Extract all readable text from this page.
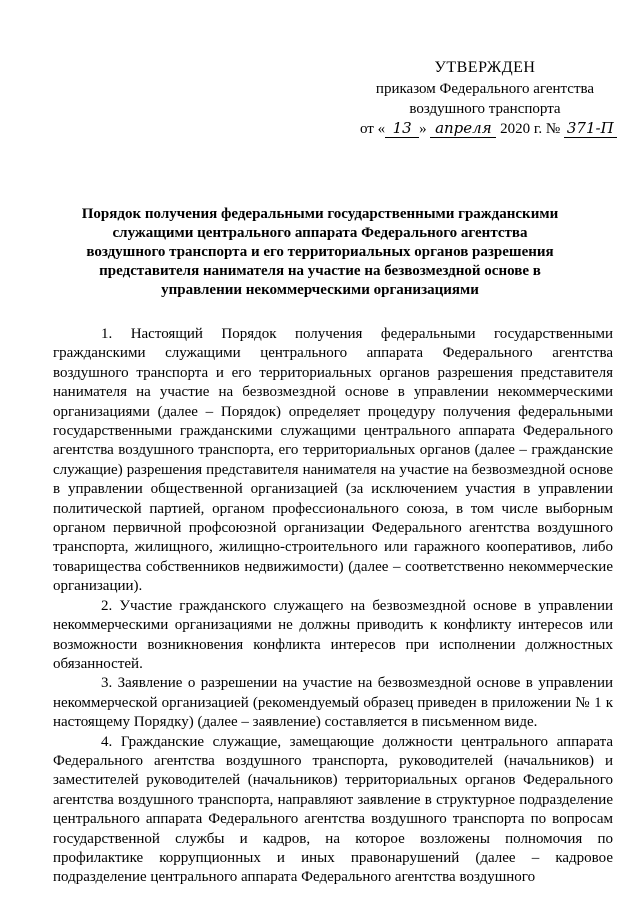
УТВЕРЖДЕН
приказом Федерального агентства
воздушного транспорта
от « 13 » апреля 2020 г. № 371-П
Порядок получения федеральными государственными гражданскими служащими центрального аппарата Федерального агентства воздушного транспорта и его территориальных органов разрешения представителя нанимателя на участие на безвозмездной основе в управлении некоммерческими организациями

1. Настоящий Порядок получения федеральными государственными гражданскими служащими центрального аппарата Федерального агентства воздушного транспорта и его территориальных органов разрешения представителя нанимателя на участие на безвозмездной основе в управлении некоммерческими организациями (далее – Порядок) определяет процедуру получения федеральными государственными гражданскими служащими центрального аппарата Федерального агентства воздушного транспорта, его территориальных органов (далее – гражданские служащие) разрешения представителя нанимателя на участие на безвозмездной основе в управлении общественной организацией (за исключением участия в управлении политической партией, органом профессионального союза, в том числе выборным органом первичной профсоюзной организации Федерального агентства воздушного транспорта, жилищного, жилищно-строительного или гаражного кооперативов, либо товарищества собственников недвижимости) (далее – соответственно некоммерческие организации).

2. Участие гражданского служащего на безвозмездной основе в управлении некоммерческими организациями не должны приводить к конфликту интересов или возможности возникновения конфликта интересов при исполнении должностных обязанностей.

3. Заявление о разрешении на участие на безвозмездной основе в управлении некоммерческой организацией (рекомендуемый образец приведен в приложении № 1 к настоящему Порядку) (далее – заявление) составляется в письменном виде.

4. Гражданские служащие, замещающие должности центрального аппарата Федерального агентства воздушного транспорта, руководителей (начальников) и заместителей руководителей (начальников) территориальных органов Федерального агентства воздушного транспорта, направляют заявление в структурное подразделение центрального аппарата Федерального агентства воздушного транспорта по вопросам государственной службы и кадров, на которое возложены полномочия по профилактике коррупционных и иных правонарушений (далее – кадровое подразделение центрального аппарата Федерального агентства воздушного
